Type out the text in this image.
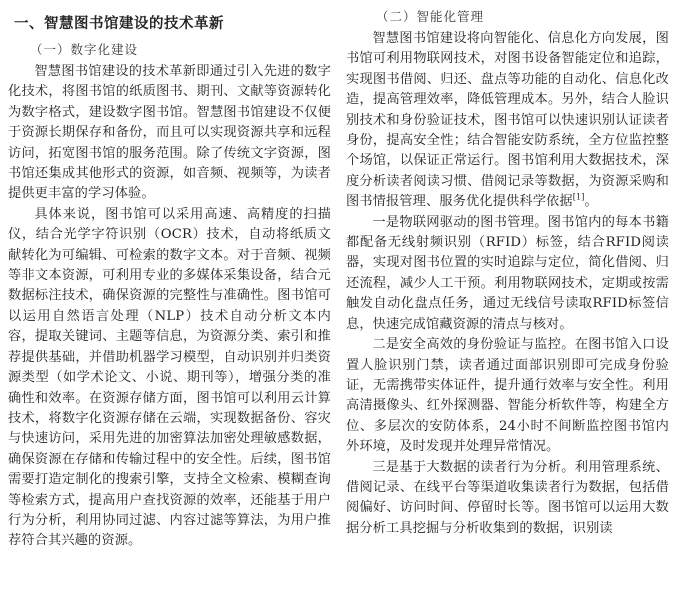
一、智慧图书馆建设的技术革新
（一）数字化建设

智慧图书馆建设的技术革新即通过引入先进的数字化技术，将图书馆的纸质图书、期刊、文献等资源转化为数字格式，建设数字图书馆。智慧图书馆建设不仅便于资源长期保存和备份，而且可以实现资源共享和远程访问，拓宽图书馆的服务范围。除了传统文字资源，图书馆还集成其他形式的资源，如音频、视频等，为读者提供更丰富的学习体验。

具体来说，图书馆可以采用高速、高精度的扫描仪，结合光学字符识别（OCR）技术，自动将纸质文献转化为可编辑、可检索的数字文本。对于音频、视频等非文本资源，可利用专业的多媒体采集设备，结合元数据标注技术，确保资源的完整性与准确性。图书馆可以运用自然语言处理（NLP）技术自动分析文本内容，提取关键词、主题等信息，为资源分类、索引和推荐提供基础，并借助机器学习模型，自动识别并归类资源类型（如学术论文、小说、期刊等），增强分类的准确性和效率。在资源存储方面，图书馆可以利用云计算技术，将数字化资源存储在云端，实现数据备份、容灾与快速访问，采用先进的加密算法加密处理敏感数据，确保资源在存储和传输过程中的安全性。后续，图书馆需要打造定制化的搜索引擎，支持全文检索、模糊查询等检索方式，提高用户查找资源的效率，还能基于用户行为分析，利用协同过滤、内容过滤等算法，为用户推荐符合其兴趣的资源。

（二）智能化管理

智慧图书馆建设将向智能化、信息化方向发展，图书馆可利用物联网技术，对图书设备智能定位和追踪，实现图书借阅、归还、盘点等功能的自动化、信息化改造，提高管理效率，降低管理成本。另外，结合人脸识别技术和身份验证技术，图书馆可以快速识别认证读者身份，提高安全性；结合智能安防系统，全方位监控整个场馆，以保证正常运行。图书馆利用大数据技术，深度分析读者阅读习惯、借阅记录等数据，为资源采购和图书情报管理、服务优化提供科学依据[1]。

一是物联网驱动的图书管理。图书馆内的每本书籍都配备无线射频识别（RFID）标签，结合RFID阅读器，实现对图书位置的实时追踪与定位，简化借阅、归还流程，减少人工干预。利用物联网技术，定期或按需触发自动化盘点任务，通过无线信号读取RFID标签信息，快速完成馆藏资源的清点与核对。

二是安全高效的身份验证与监控。在图书馆入口设置人脸识别门禁，读者通过面部识别即可完成身份验证，无需携带实体证件，提升通行效率与安全性。利用高清摄像头、红外探测器、智能分析软件等，构建全方位、多层次的安防体系，24小时不间断监控图书馆内外环境，及时发现并处理异常情况。

三是基于大数据的读者行为分析。利用管理系统、借阅记录、在线平台等渠道收集读者行为数据，包括借阅偏好、访问时间、停留时长等。图书馆可以运用大数据分析工具挖掘与分析收集到的数据，识别读
